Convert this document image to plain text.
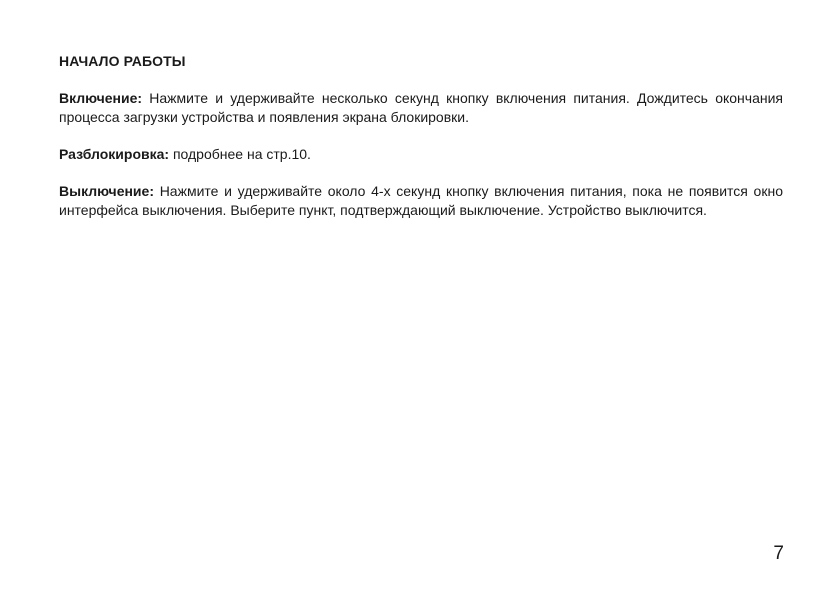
НАЧАЛО РАБОТЫ

Включение: Нажмите и удерживайте несколько секунд кнопку включения питания. Дождитесь окончания процесса загрузки устройства и появления экрана блокировки.

Разблокировка: подробнее на стр.10.

Выключение: Нажмите и удерживайте около 4-х секунд кнопку включения питания, пока не появится окно интерфейса выключения. Выберите пункт, подтверждающий выключение. Устройство выключится.

7
